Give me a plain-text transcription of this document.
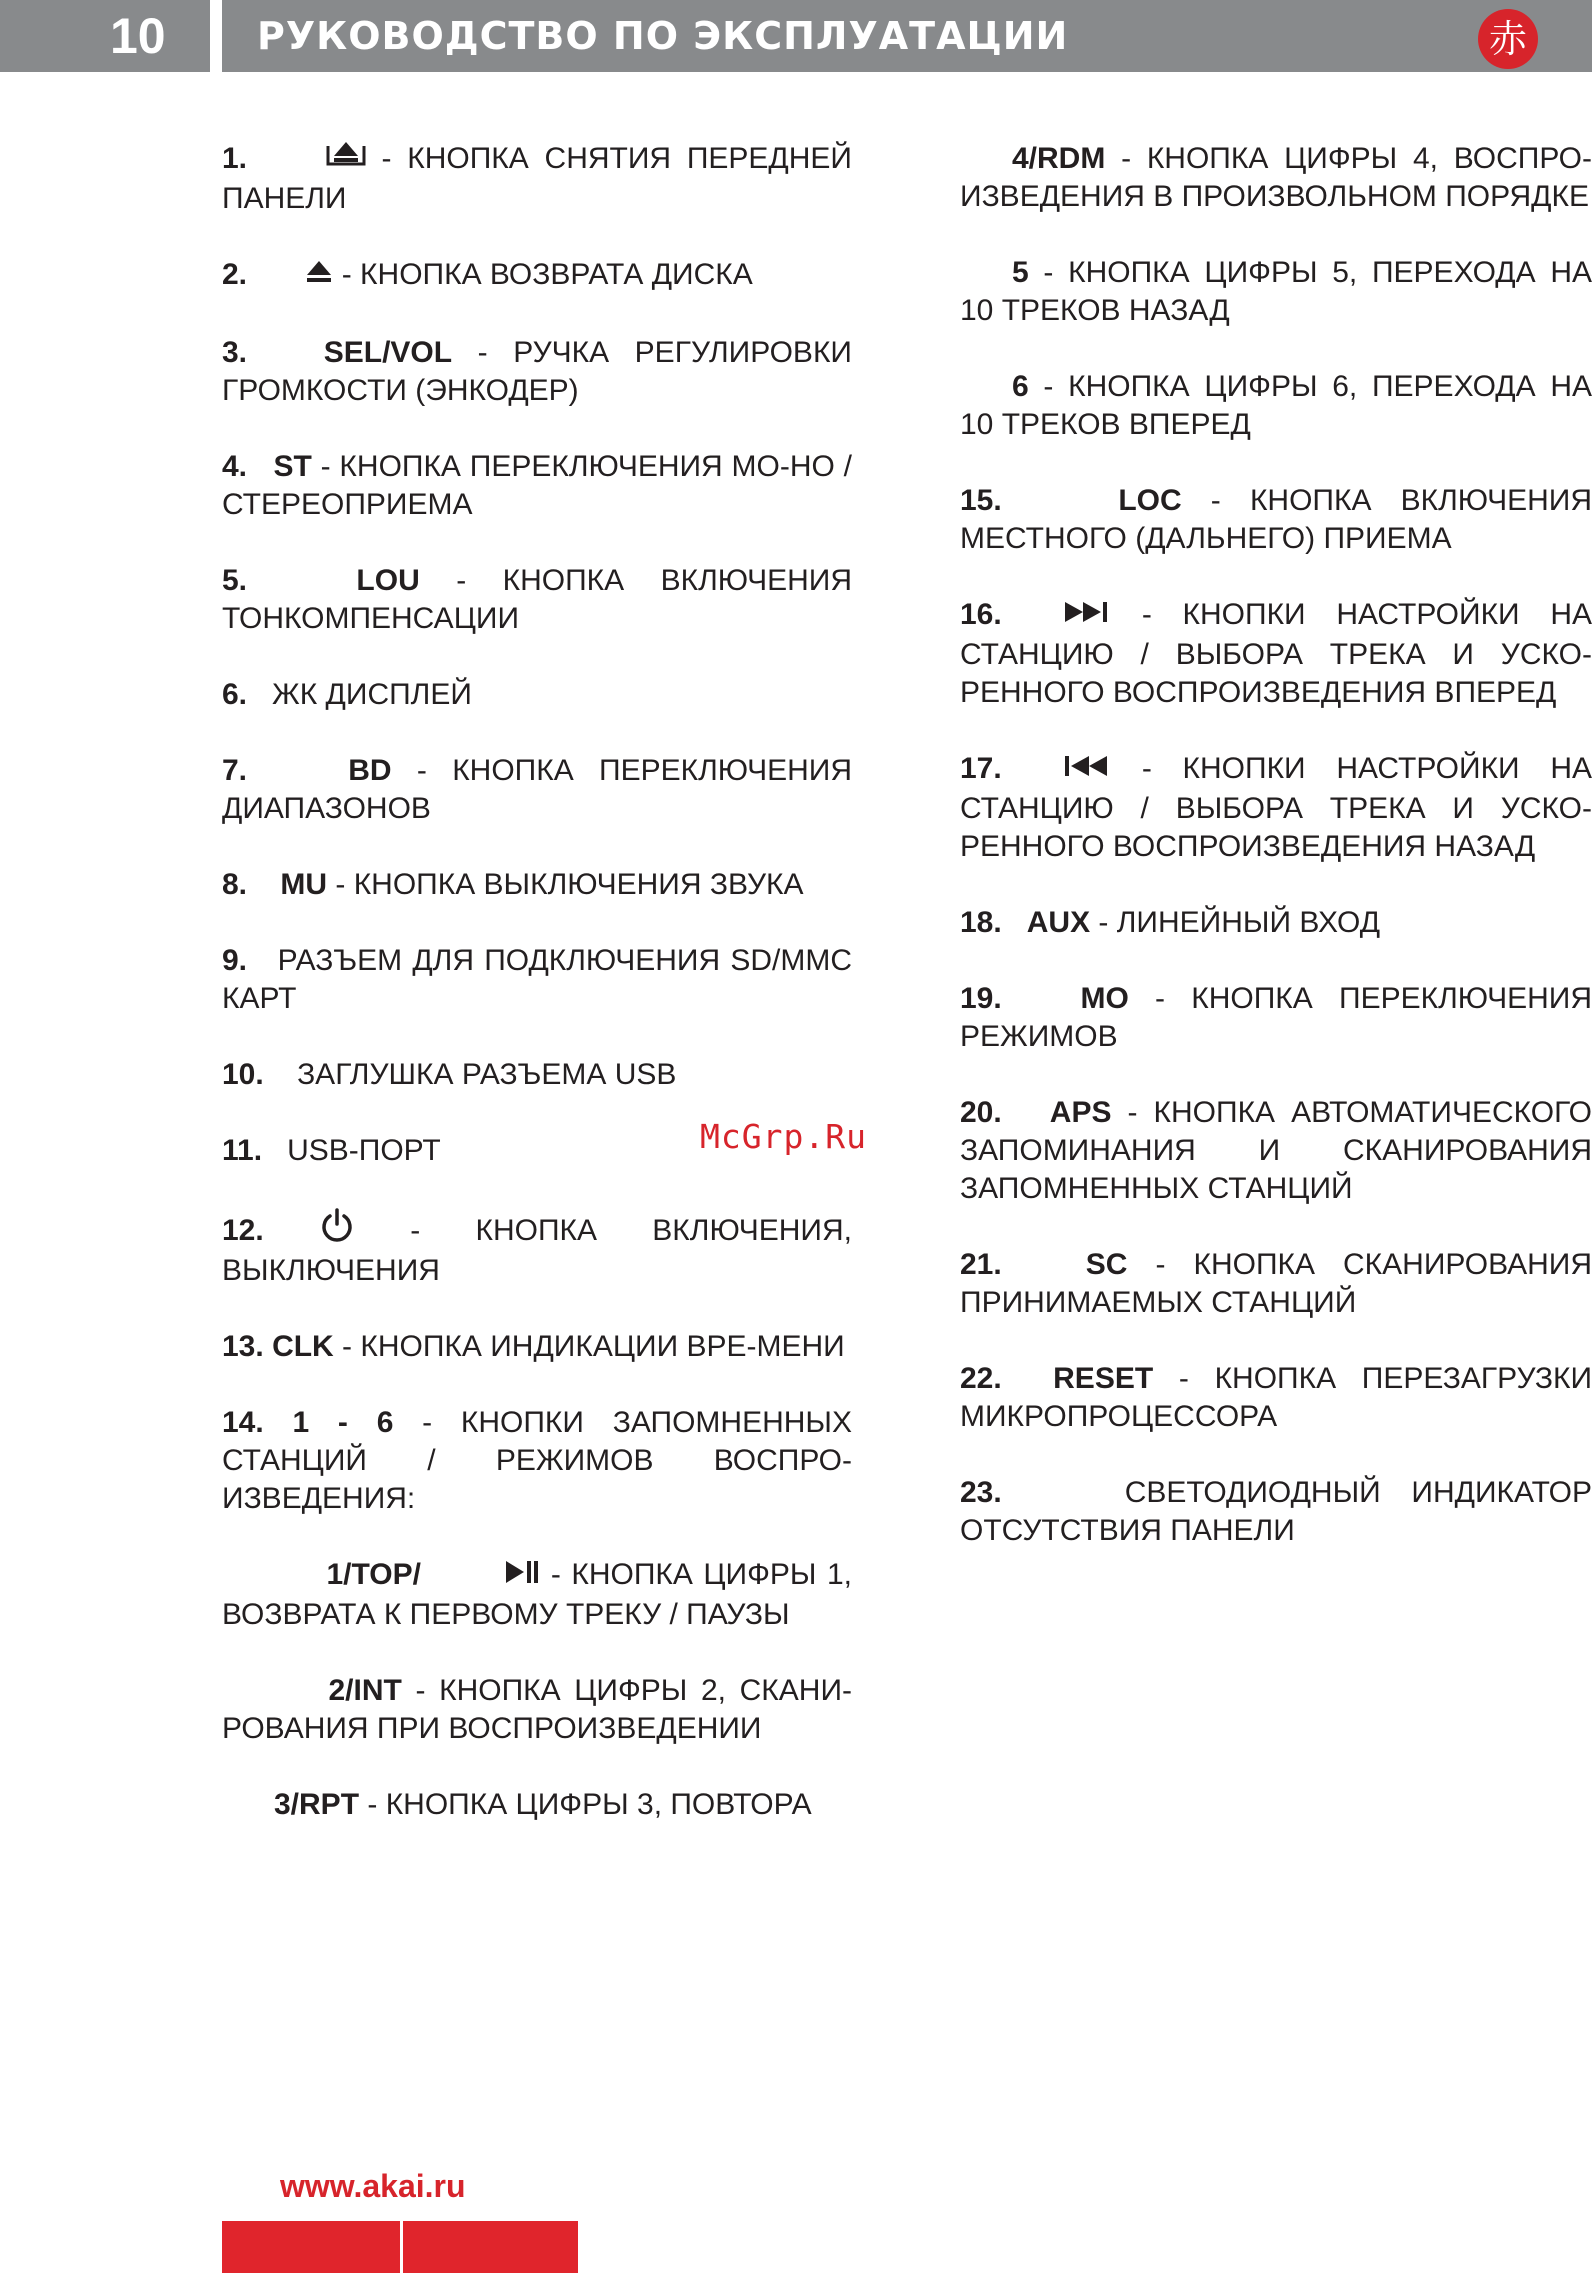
10	РУКОВОДСТВО ПО ЭКСПЛУАТАЦИИ	赤

1.	- КНОПКА СНЯТИЯ ПЕРЕДНЕЙ ПАНЕЛИ

2.	- КНОПКА ВОЗВРАТА ДИСКА

3.	SEL/VOL - РУЧКА РЕГУЛИРОВКИ ГРОМКОСТИ (ЭНКОДЕР)

4. ST - КНОПКА ПЕРЕКЛЮЧЕНИЯ МО-НО / СТЕРЕОПРИЕМА

5.	LOU - КНОПКА ВКЛЮЧЕНИЯ ТОНКОМПЕНСАЦИИ

6. ЖК ДИСПЛЕЙ

7.	BD - КНОПКА ПЕРЕКЛЮЧЕНИЯ ДИАПАЗОНОВ

8. MU - КНОПКА ВЫКЛЮЧЕНИЯ ЗВУКА

9. РАЗЪЕМ ДЛЯ ПОДКЛЮЧЕНИЯ SD/MMC КАРТ

10. ЗАГЛУШКА РАЗЪЕМА USB

11. USB-ПОРТ

12.	- КНОПКА ВКЛЮЧЕНИЯ, ВЫКЛЮЧЕНИЯ

13. CLK - КНОПКА ИНДИКАЦИИ ВРЕ-МЕНИ

14. 1 - 6 - КНОПКИ ЗАПОМНЕННЫХ СТАНЦИЙ / РЕЖИМОВ ВОСПРО-ИЗВЕДЕНИЯ:

1/TOP/	- КНОПКА ЦИФРЫ 1, ВОЗВРАТА К ПЕРВОМУ ТРЕКУ / ПАУЗЫ

2/INT - КНОПКА ЦИФРЫ 2, СКАНИ-РОВАНИЯ ПРИ ВОСПРОИЗВЕДЕНИИ

3/RPT - КНОПКА ЦИФРЫ 3, ПОВТОРА

4/RDM - КНОПКА ЦИФРЫ 4, ВОСПРО-ИЗВЕДЕНИЯ В ПРОИЗВОЛЬНОМ ПОРЯДКЕ

5 - КНОПКА ЦИФРЫ 5, ПЕРЕХОДА НА 10 ТРЕКОВ НАЗАД

6 - КНОПКА ЦИФРЫ 6, ПЕРЕХОДА НА 10 ТРЕКОВ ВПЕРЕД

15.	LOC - КНОПКА ВКЛЮЧЕНИЯ МЕСТНОГО (ДАЛЬНЕГО) ПРИЕМА

16.	- КНОПКИ НАСТРОЙКИ НА СТАНЦИЮ / ВЫБОРА ТРЕКА И УСКО-РЕННОГО ВОСПРОИЗВЕДЕНИЯ ВПЕРЕД

17.	- КНОПКИ НАСТРОЙКИ НА СТАНЦИЮ / ВЫБОРА ТРЕКА И УСКО-РЕННОГО ВОСПРОИЗВЕДЕНИЯ НАЗАД

18. AUX - ЛИНЕЙНЫЙ ВХОД

19.	MO - КНОПКА ПЕРЕКЛЮЧЕНИЯ РЕЖИМОВ

20. APS - КНОПКА АВТОМАТИЧЕСКОГО ЗАПОМИНАНИЯ И СКАНИРОВАНИЯ ЗАПОМНЕННЫХ СТАНЦИЙ

21.	SC - КНОПКА СКАНИРОВАНИЯ ПРИНИМАЕМЫХ СТАНЦИЙ

22. RESET - КНОПКА ПЕРЕЗАГРУЗКИ МИКРОПРОЦЕССОРА

23.	СВЕТОДИОДНЫЙ ИНДИКАТОР ОТСУТСТВИЯ ПАНЕЛИ

McGrp.Ru
www.akai.ru
